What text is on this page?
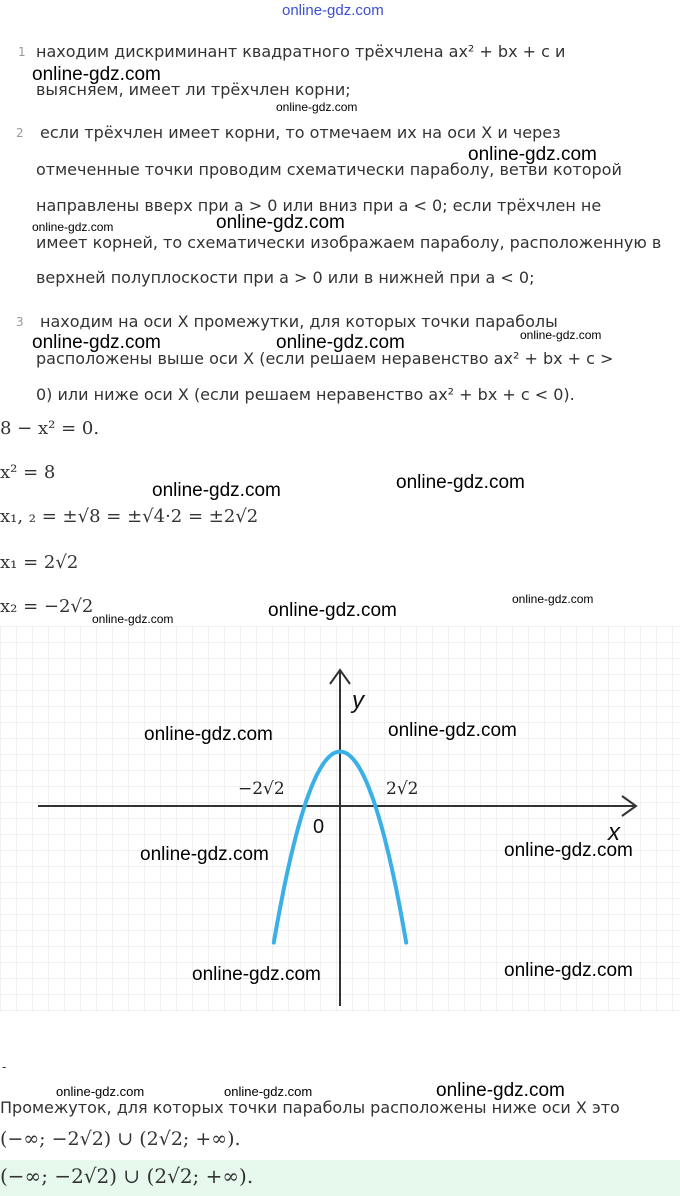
online-gdz.com
1 находим дискриминант квадратного трёхчлена ax² + bx + c и
выясняем, имеет ли трёхчлен корни;
2 если трёхчлен имеет корни, то отмечаем их на оси X и через
отмеченные точки проводим схематически параболу, ветви которой
направлены вверх при a > 0 или вниз при a < 0; если трёхчлен не
имеет корней, то схематически изображаем параболу, расположенную в
верхней полуплоскости при a > 0 или в нижней при a < 0;
3 находим на оси X промежутки, для которых точки параболы
расположены выше оси X (если решаем неравенство ax² + bx + c >
0) или ниже оси X (если решаем неравенство ax² + bx + c < 0).
8 − x² = 0.
x² = 8
x₁, ₂ = ±√8 = ±√4·2 = ±2√2
x₁ = 2√2
x₂ = −2√2
y
x
0
−2√2	2√2
-
Промежуток, для которых точки параболы расположены ниже оси X это
(−∞; −2√2) ∪ (2√2; +∞).
(−∞; −2√2) ∪ (2√2; +∞).
online-gdz.com
online-gdz.com
online-gdz.com
online-gdz.com
online-gdz.com
online-gdz.com
online-gdz.com	online-gdz.com
online-gdz.com
online-gdz.com
online-gdz.com
online-gdz.com
online-gdz.com
online-gdz.com	online-gdz.com
online-gdz.com	online-gdz.com
online-gdz.com	online-gdz.com
online-gdz.com	online-gdz.com	online-gdz.com
